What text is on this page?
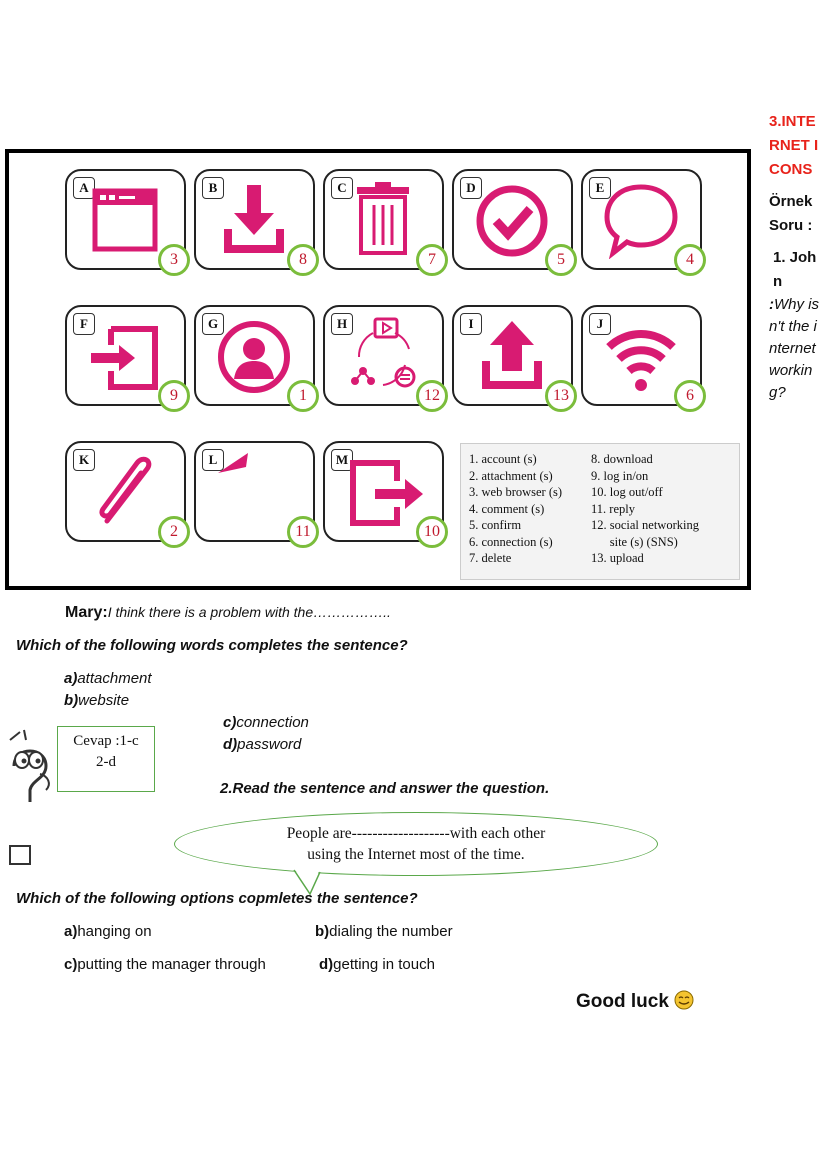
3.INTERNET ICONS
Örnek Soru :
1. John
:Why isn't the internet working?
A
3
B
8
C
7
D
5
E
4
F
9
G
1
H
12
I
13
J
6
K
2
L
11
M
10
1. account (s)
2. attachment (s)
3. web browser (s)
4. comment (s)
5. confirm
6. connection (s)
7. delete
8. download
9. log in/on
10. log out/off
11. reply
12. social networking
site (s) (SNS)
13. upload
Mary:I think there is a problem with the……………..
Which of the following words completes the sentence?
a)attachment
b)website
c)connection
d)password
Cevap :1-c
2-d
2.Read the sentence and answer the question.
People are-------------------with each other
using the Internet most of the time.
Which of the following options copmletes the sentence?
a)hanging on	b)dialing the number
c)putting the manager through	d)getting in touch
Good luck
